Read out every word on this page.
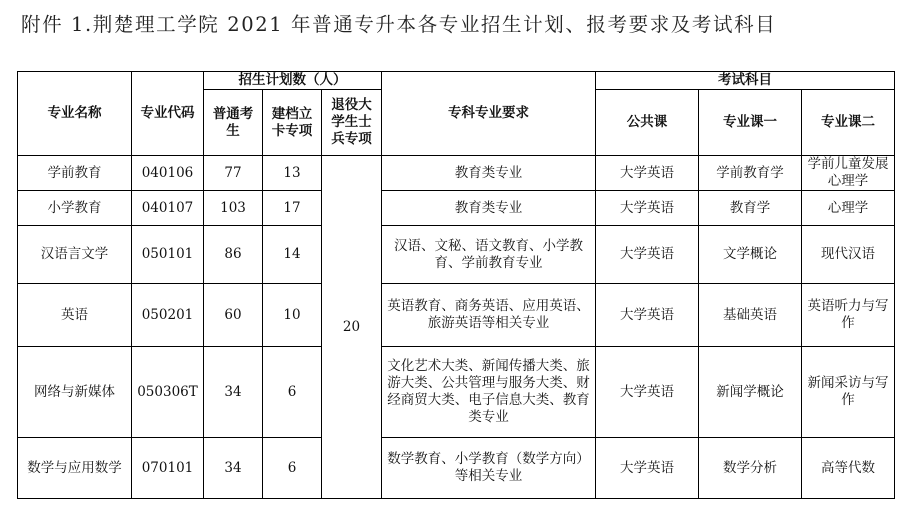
附件 1.荆楚理工学院 2021 年普通专升本各专业招生计划、报考要求及考试科目
专业名称	专业代码	招生计划数（人）			专科专业要求	考试科目		
		普通考生	建档立卡专项	退役大学生士兵专项		公共课	专业课一	专业课二
学前教育	040106	77	13	20	教育类专业	大学英语	学前教育学	学前儿童发展心理学
小学教育	040107	103	17		教育类专业	大学英语	教育学	心理学
汉语言文学	050101	86	14		汉语、文秘、语文教育、小学教育、学前教育专业	大学英语	文学概论	现代汉语
英语	050201	60	10		英语教育、商务英语、应用英语、旅游英语等相关专业	大学英语	基础英语	英语听力与写作
网络与新媒体	050306T	34	6		文化艺术大类、新闻传播大类、旅游大类、公共管理与服务大类、财经商贸大类、电子信息大类、教育类专业	大学英语	新闻学概论	新闻采访与写作
数学与应用数学	070101	34	6		数学教育、小学教育（数学方向）等相关专业	大学英语	数学分析	高等代数
